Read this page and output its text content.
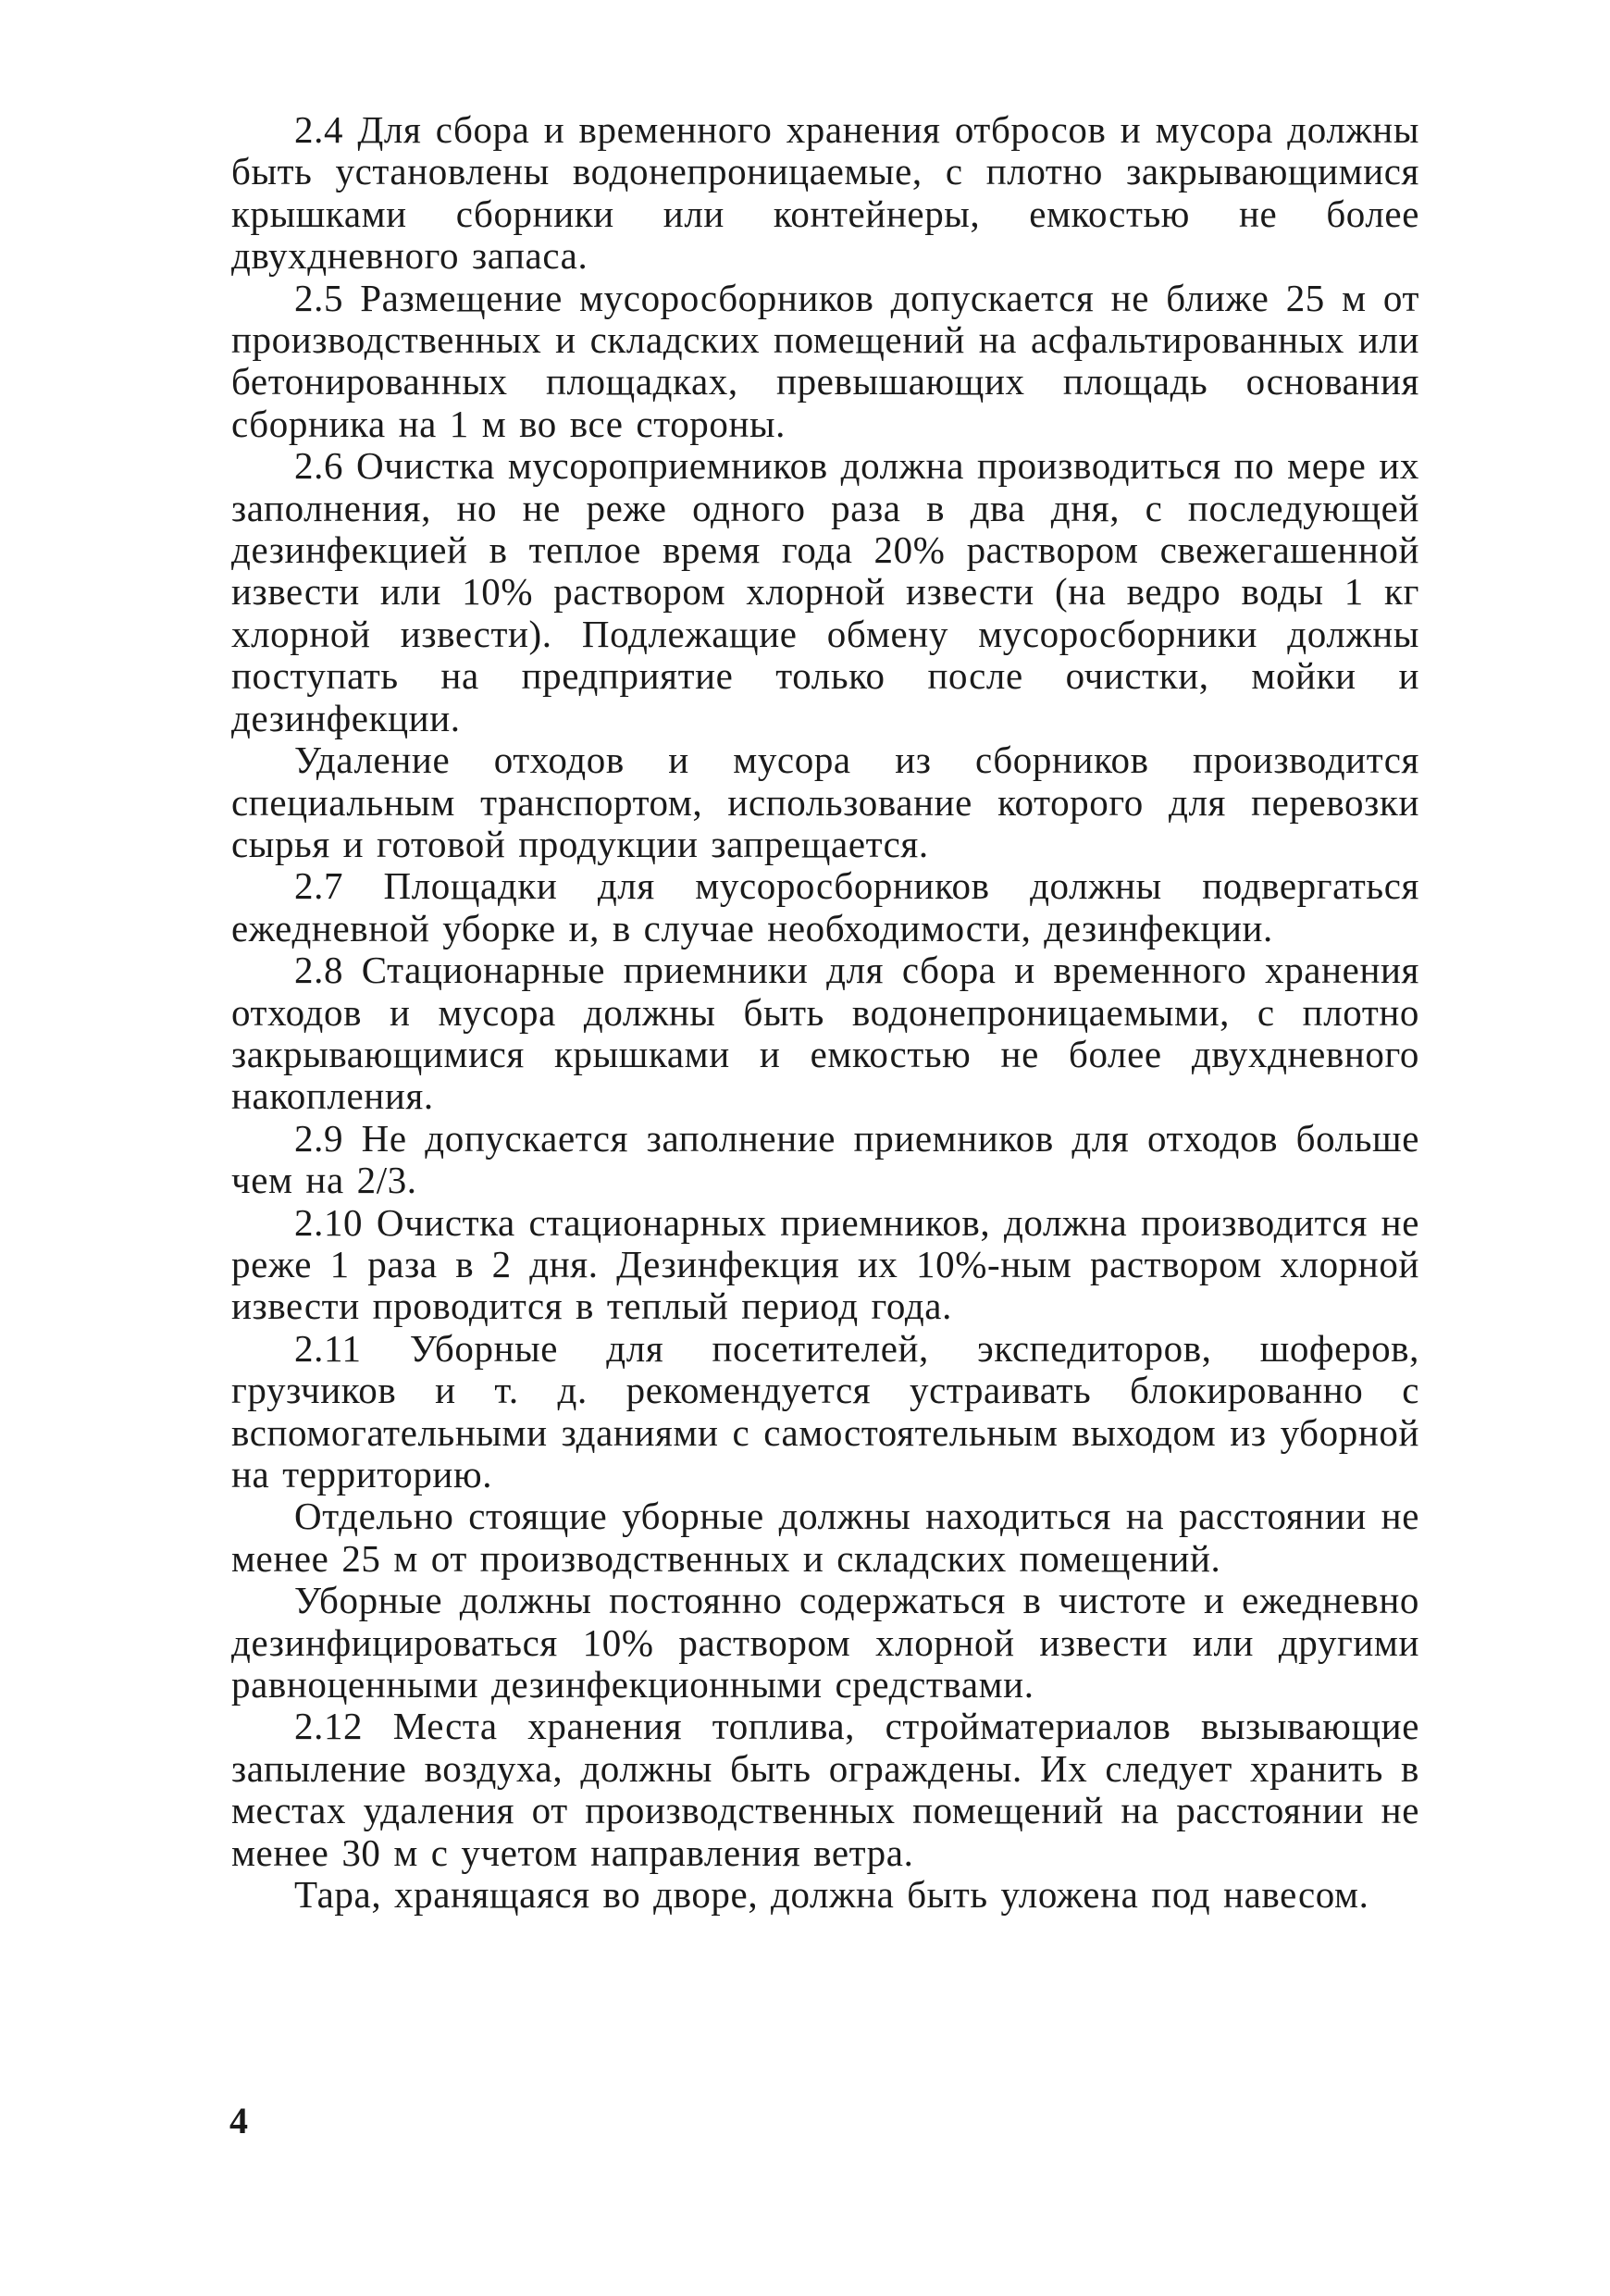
2.4 Для сбора и временного хранения отбросов и мусора должны быть установлены водонепроницаемые, с плотно закрывающимися крышками сборники или контейнеры, емкостью не более двухдневного запаса.

2.5 Размещение мусоросборников допускается не ближе 25 м от производственных и складских помещений на асфальтированных или бетонированных площадках, превышающих площадь основания сборника на 1 м во все стороны.

2.6 Очистка мусороприемников должна производиться по мере их заполнения, но не реже одного раза в два дня, с последующей дезинфекцией в теплое время года 20% раствором свежегашенной извести или 10% раствором хлорной извести (на ведро воды 1 кг хлорной извести). Подлежащие обмену мусоросборники должны поступать на предприятие только после очистки, мойки и дезинфекции.

Удаление отходов и мусора из сборников производится специальным транспортом, использование которого для перевозки сырья и готовой продукции запрещается.

2.7 Площадки для мусоросборников должны подвергаться ежедневной уборке и, в случае необходимости, дезинфекции.

2.8 Стационарные приемники для сбора и временного хранения отходов и мусора должны быть водонепроницаемыми, с плотно закрывающимися крышками и емкостью не более двухдневного накопления.

2.9 Не допускается заполнение приемников для отходов больше чем на 2/3.

2.10 Очистка стационарных приемников, должна производится не реже 1 раза в 2 дня. Дезинфекция их 10%-ным раствором хлорной извести проводится в теплый период года.

2.11 Уборные для посетителей, экспедиторов, шоферов, грузчиков и т. д. рекомендуется устраивать блокированно с вспомогательными зданиями с самостоятельным выходом из уборной на территорию.

Отдельно стоящие уборные должны находиться на расстоянии не менее 25 м от производственных и складских помещений.

Уборные должны постоянно содержаться в чистоте и ежедневно дезинфицироваться 10% раствором хлорной извести или другими равноценными дезинфекционными средствами.

2.12 Места хранения топлива, стройматериалов вызывающие запыление воздуха, должны быть ограждены. Их следует хранить в местах удаления от производственных помещений на расстоянии не менее 30 м с учетом направления ветра.

Тара, хранящаяся во дворе, должна быть уложена под навесом.

4
